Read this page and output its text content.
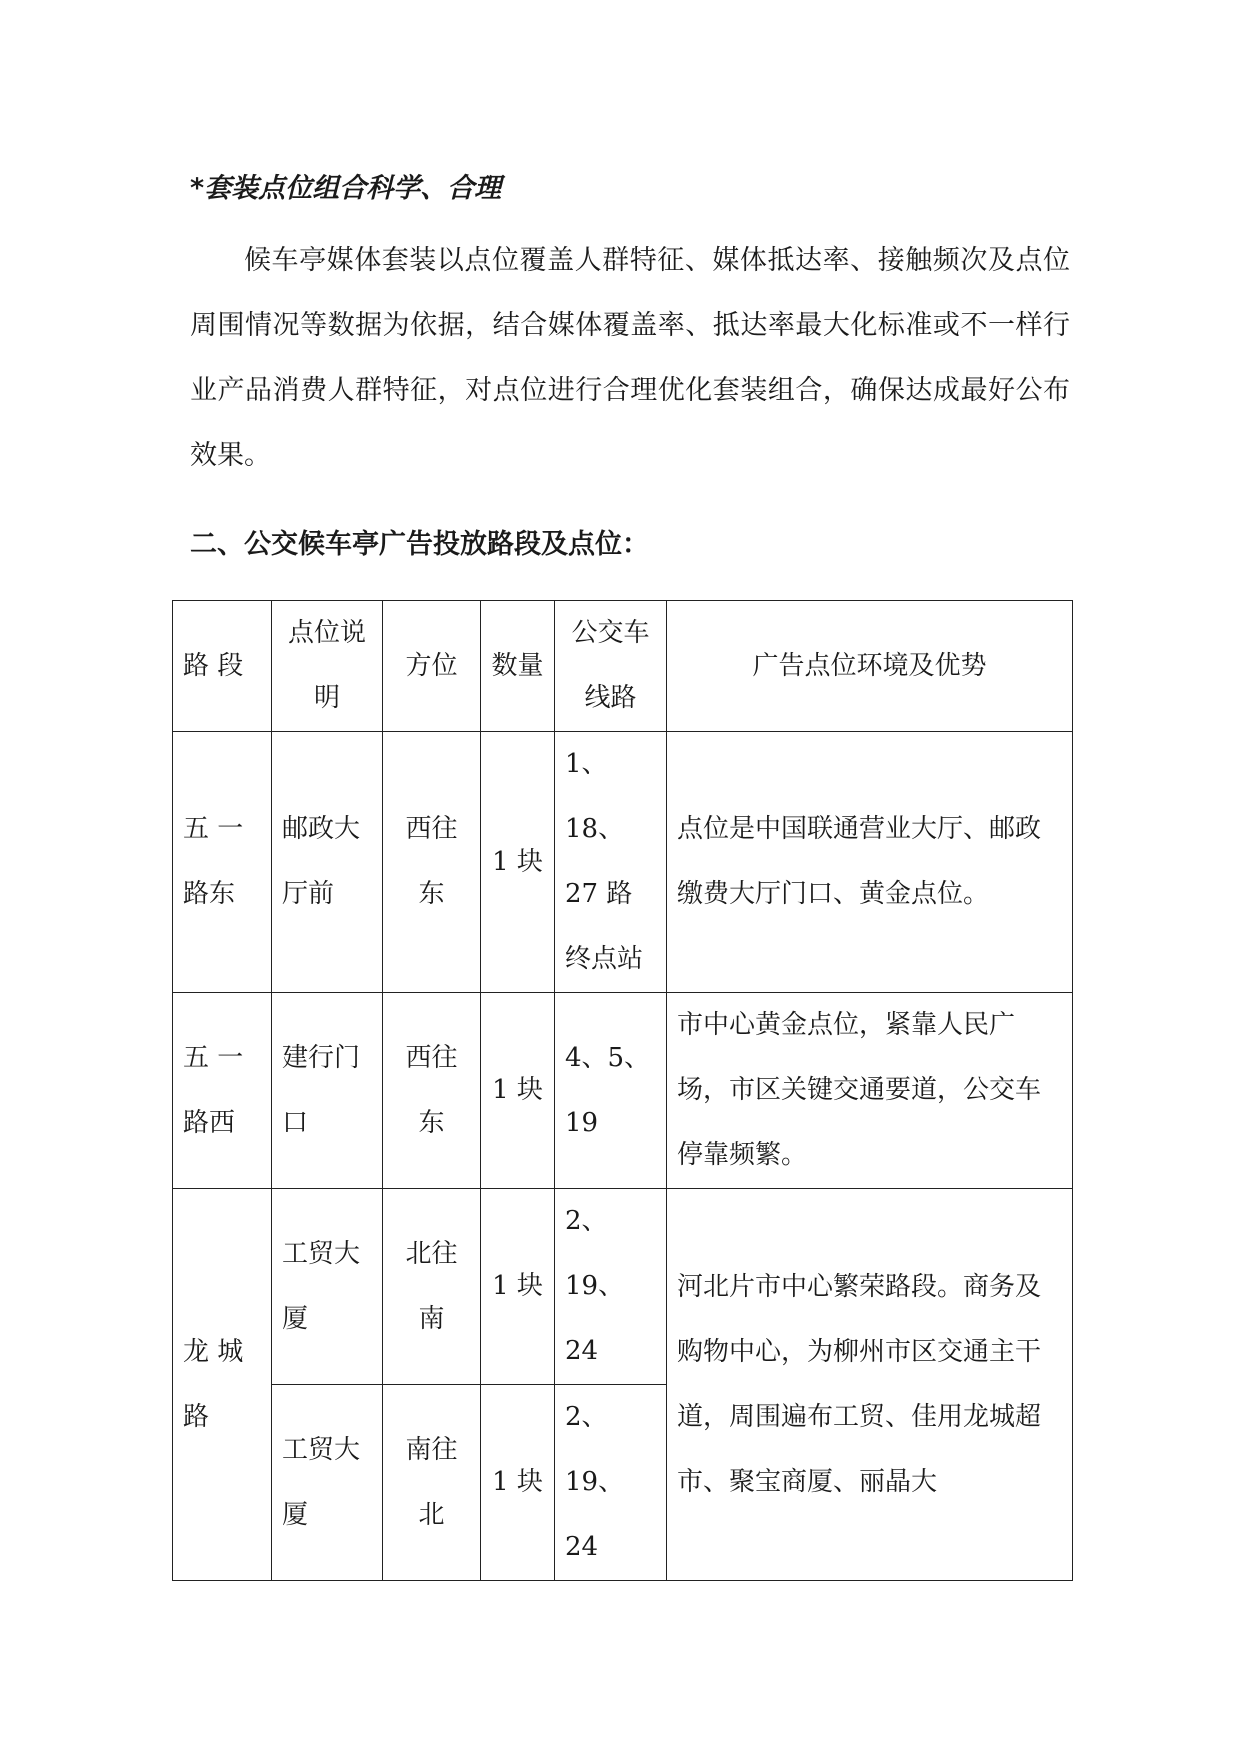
*套装点位组合科学、合理

候车亭媒体套装以点位覆盖人群特征、媒体抵达率、接触频次及点位周围情况等数据为依据，结合媒体覆盖率、抵达率最大化标准或不一样行业产品消费人群特征，对点位进行合理优化套装组合，确保达成最好公布效果。

二、公交候车亭广告投放路段及点位：
路 段	点位说明	方位	数量	公交车线路	广告点位环境及优势
五 一路东	邮政大厅前	西往东	1 块	1、18、27 路终点站	点位是中国联通营业大厅、邮政缴费大厅门口、黄金点位。
五 一路西	建行门口	西往东	1 块	4、5、19	市中心黄金点位，紧靠人民广场，市区关键交通要道，公交车停靠频繁。
龙 城路	工贸大厦	北往南	1 块	2、19、24	河北片市中心繁荣路段。商务及购物中心，为柳州市区交通主干道，周围遍布工贸、佳用龙城超市、聚宝商厦、丽晶大
	工贸大厦	南往北	1 块	2、19、24	
